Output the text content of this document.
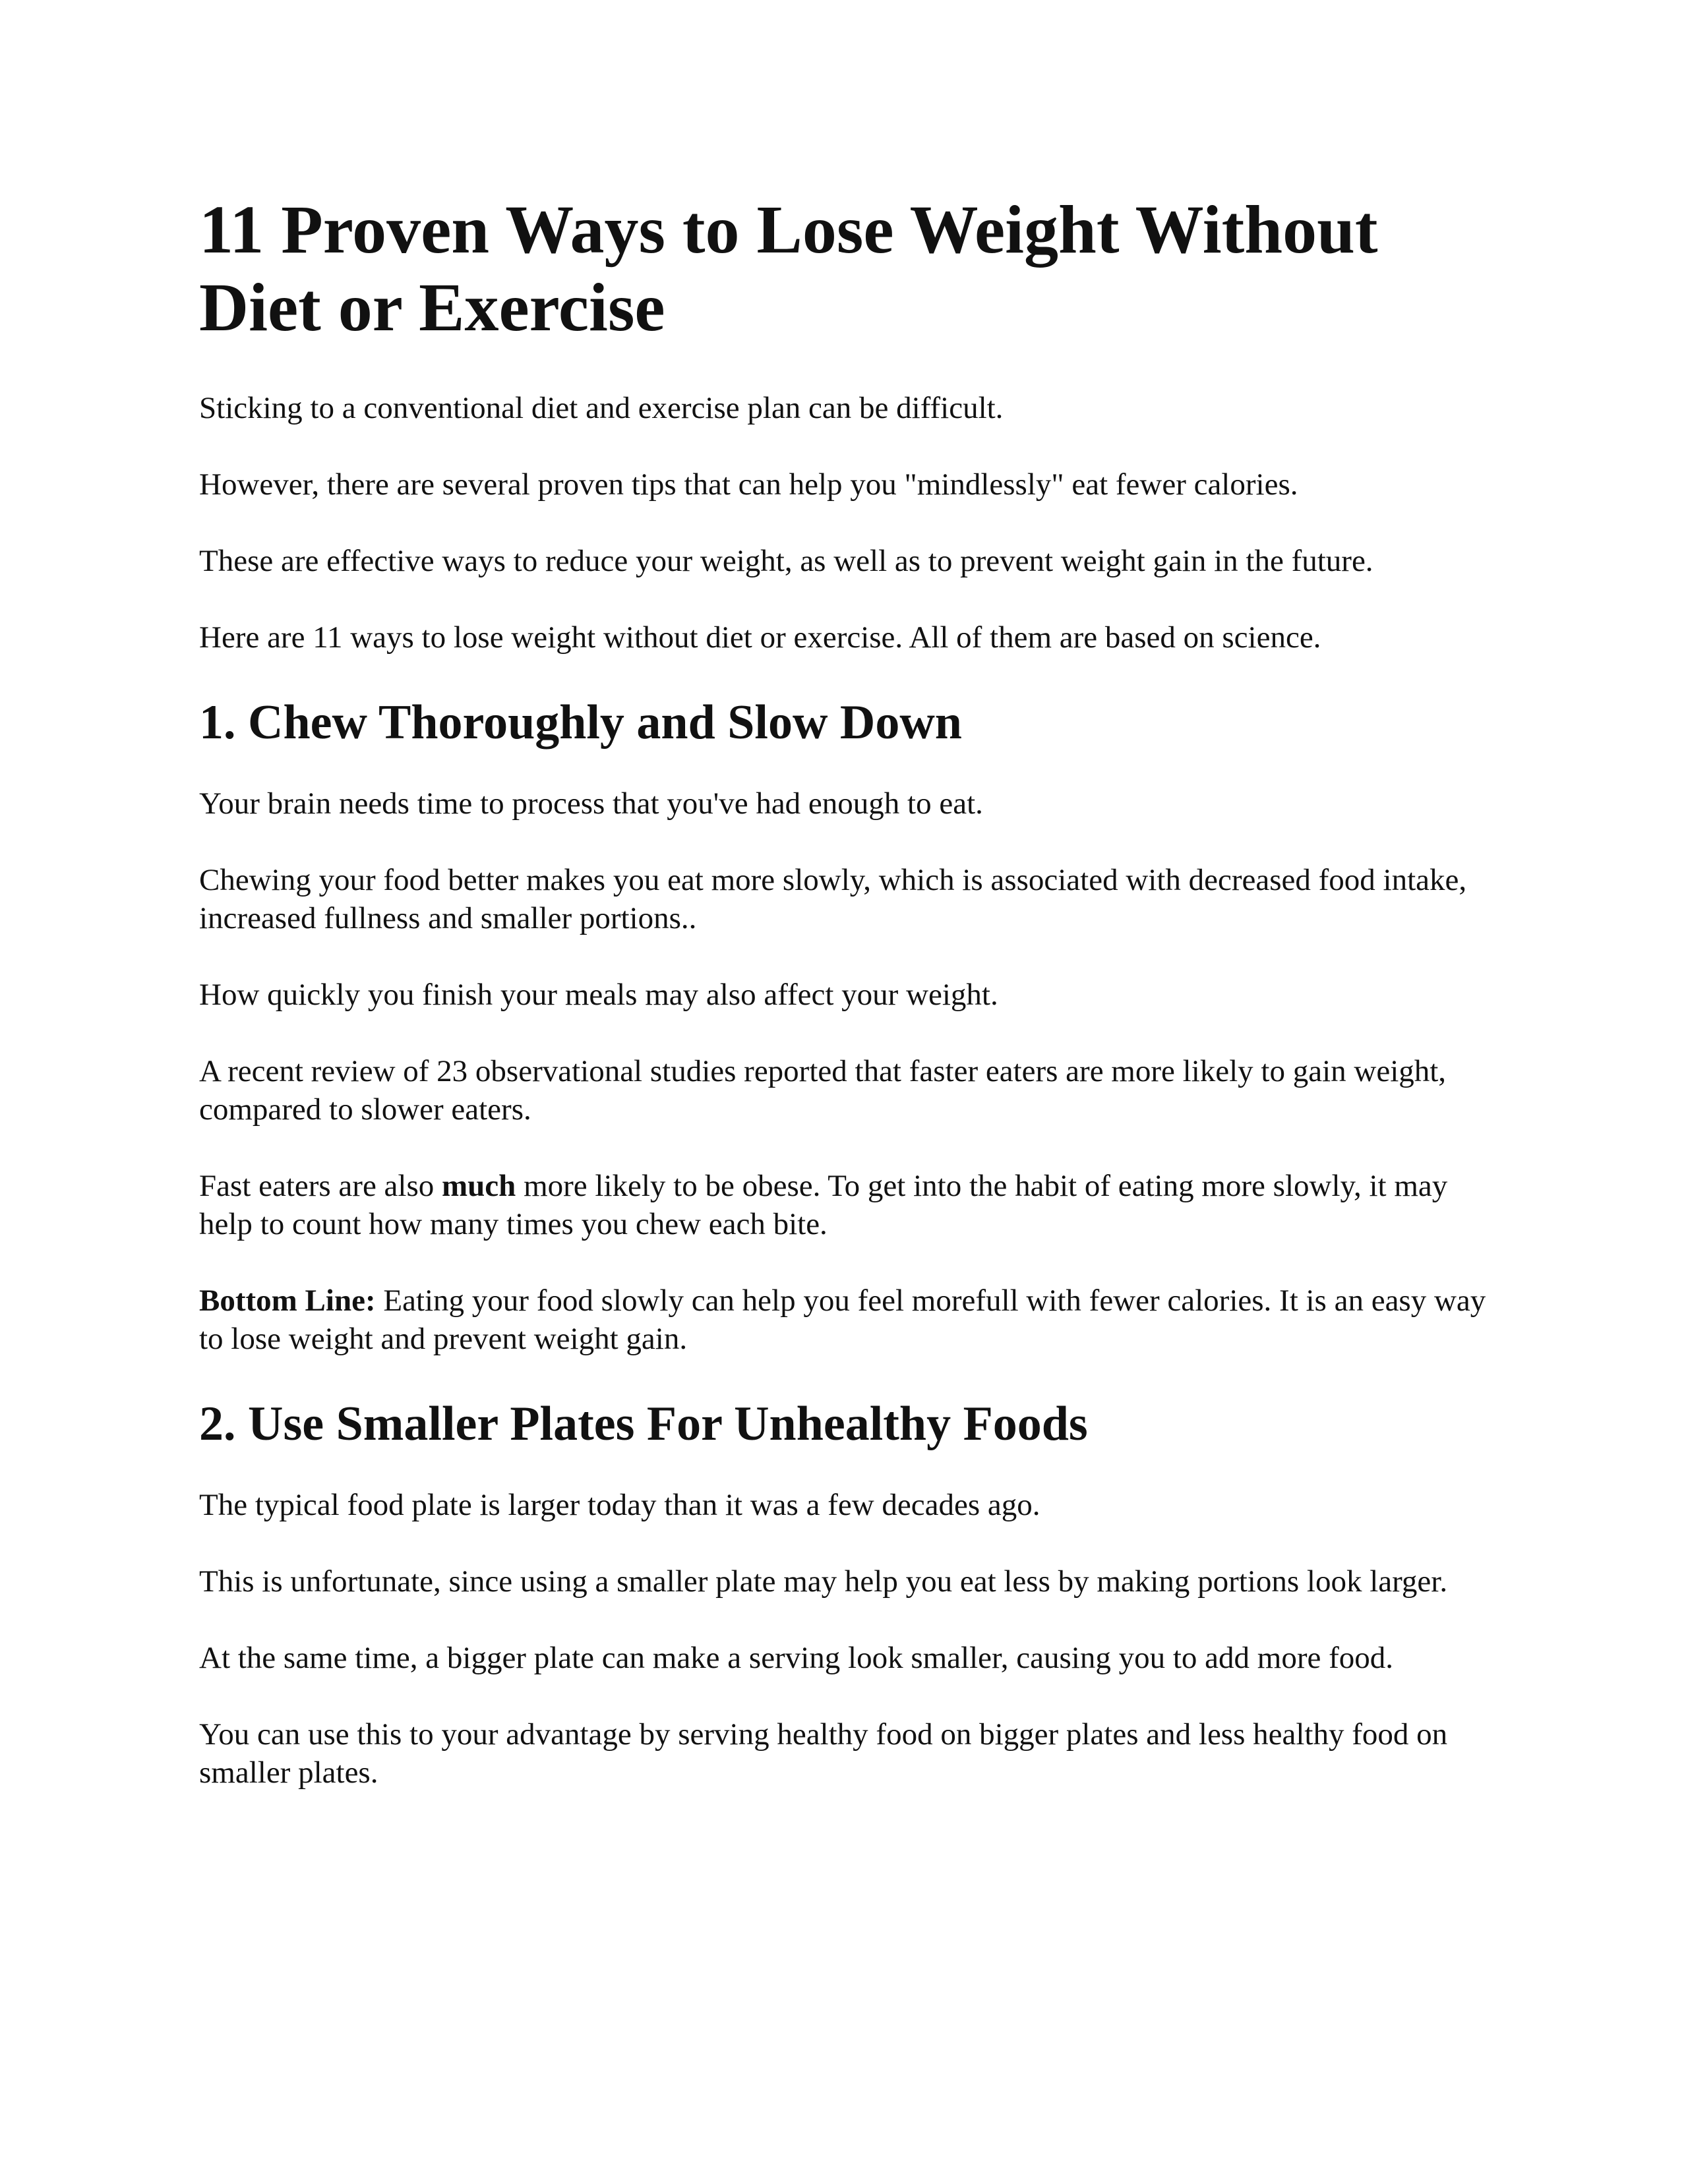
11 Proven Ways to Lose Weight Without Diet or Exercise

Sticking to a conventional diet and exercise plan can be difficult.

However, there are several proven tips that can help you "mindlessly" eat fewer calories.

These are effective ways to reduce your weight, as well as to prevent weight gain in the future.

Here are 11 ways to lose weight without diet or exercise. All of them are based on science.

1. Chew Thoroughly and Slow Down

Your brain needs time to process that you've had enough to eat.

Chewing your food better makes you eat more slowly, which is associated with decreased food intake, increased fullness and smaller portions..

How quickly you finish your meals may also affect your weight.

A recent review of 23 observational studies reported that faster eaters are more likely to gain weight, compared to slower eaters.

Fast eaters are also much more likely to be obese. To get into the habit of eating more slowly, it may help to count how many times you chew each bite.

Bottom Line: Eating your food slowly can help you feel morefull with fewer calories. It is an easy way to lose weight and prevent weight gain.

2. Use Smaller Plates For Unhealthy Foods

The typical food plate is larger today than it was a few decades ago.

This is unfortunate, since using a smaller plate may help you eat less by making portions look larger.

At the same time, a bigger plate can make a serving look smaller, causing you to add more food.

You can use this to your advantage by serving healthy food on bigger plates and less healthy food on smaller plates.
